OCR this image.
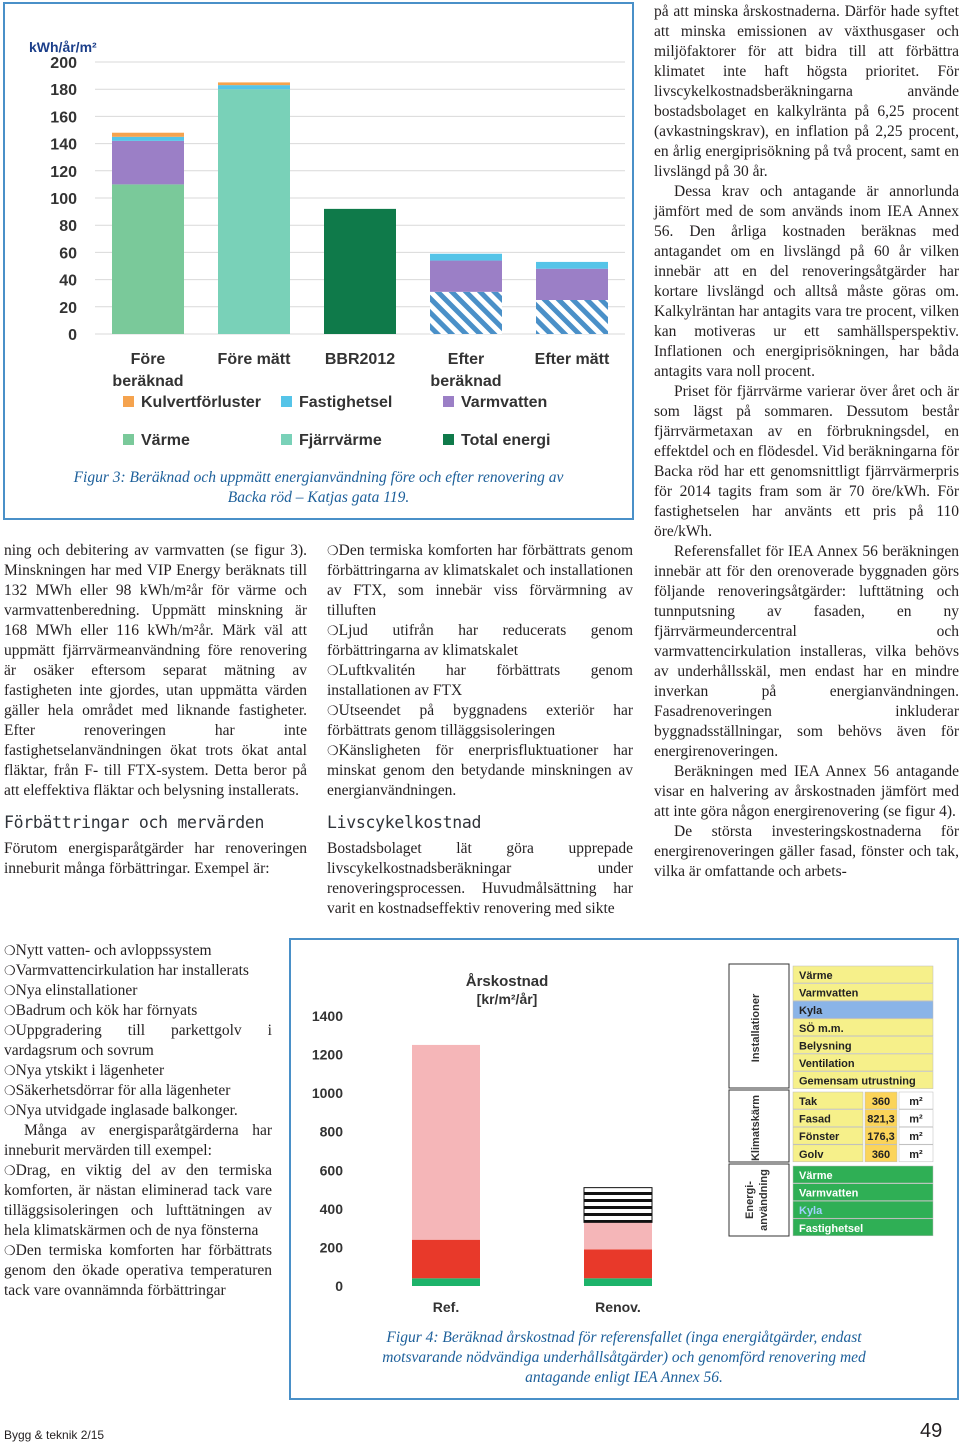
kWh/år/m²
0
20
40
60
80
100
120
140
160
180
200
Före
beräknad
Före mätt BBR2012	Efter
beräknad
Efter mätt
Kulvertförluster Fastighetsel	Varmvatten
Värme	Fjärrvärme	Total energi
Figur 3: Beräknad och uppmätt energianvändning före och efter renovering av
Backa röd – Katjas gata 119.
Årskostnad
[kr/m²/år]
0
200
400
600
800
1000
1200
1400
Ref.	Renov.
Installationer
Klimatskärm
Energi- användning
Värme
Varmvatten
Kyla
SÖ m.m.
Belysning
Ventilation
Gemensam utrustning
Tak	360 m²
Fasad	821,3 m²
Fönster	176,3 m²
Golv	360 m²
Värme
Varmvatten
Kyla
Fastighetsel
Figur 4: Beräknad årskostnad för referensfallet (inga energiåtgärder, endast
motsvarande nödvändiga underhållsåtgärder) och genomförd renovering med
antagande enligt IEA Annex 56.

ning och debitering av varmvatten (se figur 3). Minskningen har med VIP Energy beräknats till 132 MWh eller 98 kWh/m²år för värme och varmvattenberedning. Uppmätt minskning är 168 MWh eller 116 kWh/m²år. Märk väl att uppmätt fjärrvärmeanvändning före renovering är osäker eftersom separat mätning av fastigheten inte gjordes, utan uppmätta värden gäller hela området med liknande fastigheter. Efter renoveringen har inte fastighetselanvändningen ökat trots ökat antal fläktar, från F- till FTX-system. Detta beror på att eleffektiva fläktar och belysning installerats.

Förbättringar och mervärden

Förutom energisparåtgärder har renoveringen inneburit många förbättringar. Exempel är:

❍ Nytt vatten- och avloppssystem
❍ Varmvattencirkulation har installerats
❍ Nya elinstallationer
❍ Badrum och kök har förnyats
❍ Uppgradering till parkettgolv i vardagsrum och sovrum
❍ Nya ytskikt i lägenheter
❍ Säkerhetsdörrar för alla lägenheter
❍ Nya utvidgade inglasade balkonger.

Många av energisparåtgärderna har inneburit mervärden till exempel:

❍ Drag, en viktig del av den termiska komforten, är nästan eliminerad tack vare tilläggsisoleringen och lufttätningen av hela klimatskärmen och de nya fönsterna
❍ Den termiska komforten har förbättrats genom den ökade operativa temperaturen tack vare ovannämnda förbättringar
❍ Den termiska komforten har förbättrats genom förbättringarna av klimatskalet och installationen av FTX, som innebär viss förvärmning av tilluften
❍ Ljud utifrån har reducerats genom förbättringarna av klimatskalet
❍ Luftkvalitén har förbättrats genom installationen av FTX
❍ Utseendet på byggnadens exteriör har förbättrats genom tilläggsisoleringen
❍ Känsligheten för enerprisfluktuationer har minskat genom den betydande minskningen av energianvändningen.
Livscykelkostnad

Bostadsbolaget lät göra upprepade livscykelkostnadsberäkningar under renoveringsprocessen. Huvudmålsättning har varit en kostnadseffektiv renovering med sikte

på att minska årskostnaderna. Därför hade syftet att minska emissionen av växthusgaser och miljöfaktorer för att bidra till att förbättra klimatet inte haft högsta prioritet. För livscykelkostnadsberäkningarna använde bostadsbolaget en kalkylränta på 6,25 procent (avkastningskrav), en inflation på 2,25 procent, en årlig energiprisökning på två procent, samt en livslängd på 30 år.

Dessa krav och antagande är annorlunda jämfört med de som används inom IEA Annex 56. Den årliga kostnaden beräknas med antagandet om en livslängd på 60 år vilken innebär att en del renoveringsåtgärder har kortare livslängd och alltså måste göras om. Kalkylräntan har antagits vara tre procent, vilken kan motiveras ur ett samhällsperspektiv. Inflationen och energiprisökningen, har båda antagits vara noll procent.

Priset för fjärrvärme varierar över året och är som lägst på sommaren. Dessutom består fjärrvärmetaxan av en förbrukningsdel, en effektdel och en flödesdel. Vid beräkningarna för Backa röd har ett genomsnittligt fjärrvärmerpris för 2014 tagits fram som är 70 öre/kWh. För fastighetselen har använts ett pris på 110 öre/kWh.

Referensfallet för IEA Annex 56 beräkningen innebär att för den orenoverade byggnaden görs följande renoveringsåtgärder: lufttätning och tunnputsning av fasaden, en ny fjärrvärmeundercentral och varmvattencirkulation installeras, vilka behövs av underhållsskäl, men endast har en mindre inverkan på energianvändningen. Fasadrenoveringen inkluderar byggnadsställningar, som behövs även för energirenoveringen.

Beräkningen med IEA Annex 56 antagande visar en halvering av årskostnaden jämfört med att inte göra någon energirenovering (se figur 4).

De största investeringskostnaderna för energirenoveringen gäller fasad, fönster och tak, vilka är omfattande och arbets-

Bygg & teknik 2/15	49
